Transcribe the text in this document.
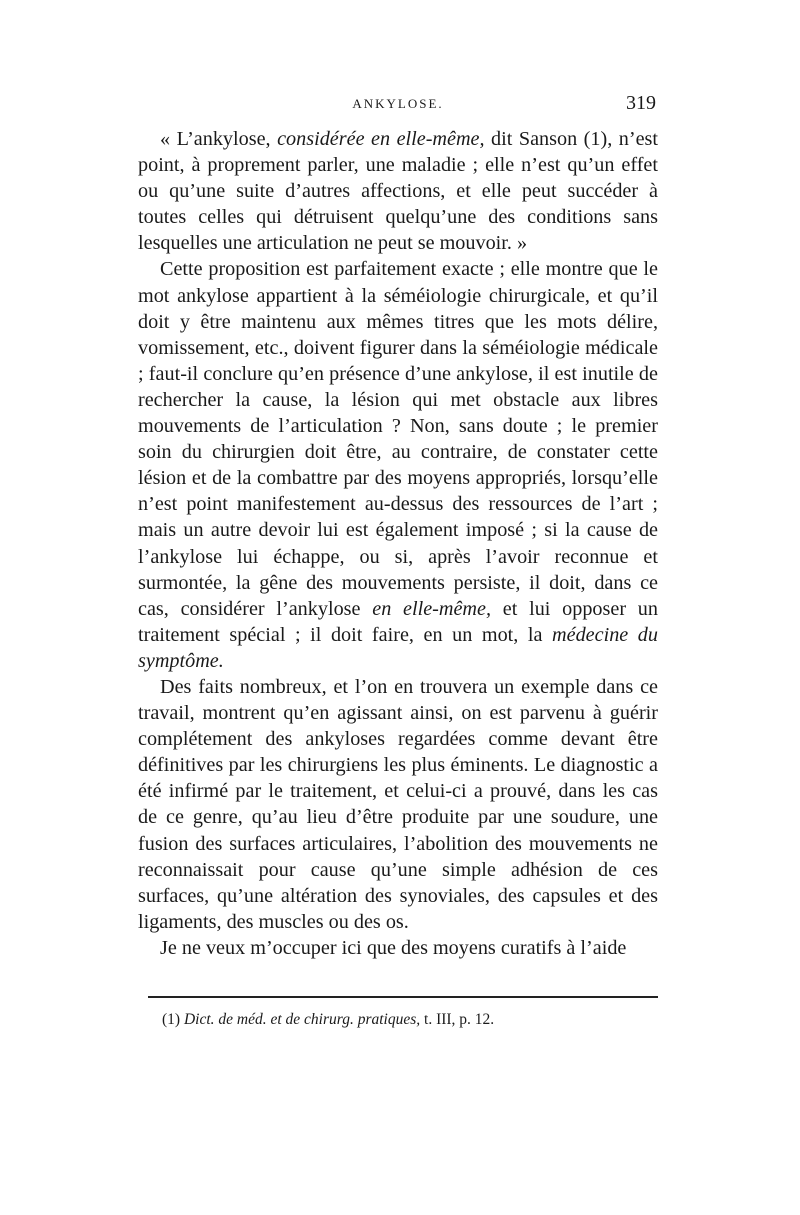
ANKYLOSE.	319

« L’ankylose, considérée en elle-même, dit Sanson (1), n’est point, à proprement parler, une maladie ; elle n’est qu’un effet ou qu’une suite d’autres affections, et elle peut succéder à toutes celles qui détruisent quelqu’une des conditions sans lesquelles une articulation ne peut se mouvoir. »

Cette proposition est parfaitement exacte ; elle montre que le mot ankylose appartient à la séméiologie chirurgicale, et qu’il doit y être maintenu aux mêmes titres que les mots délire, vomissement, etc., doivent figurer dans la séméiologie médicale ; faut-il conclure qu’en présence d’une ankylose, il est inutile de rechercher la cause, la lésion qui met obstacle aux libres mouvements de l’articulation ? Non, sans doute ; le premier soin du chirurgien doit être, au contraire, de constater cette lésion et de la combattre par des moyens appropriés, lorsqu’elle n’est point manifestement au-dessus des ressources de l’art ; mais un autre devoir lui est également imposé ; si la cause de l’ankylose lui échappe, ou si, après l’avoir reconnue et surmontée, la gêne des mouvements persiste, il doit, dans ce cas, considérer l’ankylose en elle-même, et lui opposer un traitement spécial ; il doit faire, en un mot, la médecine du symptôme.

Des faits nombreux, et l’on en trouvera un exemple dans ce travail, montrent qu’en agissant ainsi, on est parvenu à guérir complétement des ankyloses regardées comme devant être définitives par les chirurgiens les plus éminents. Le diagnostic a été infirmé par le traitement, et celui-ci a prouvé, dans les cas de ce genre, qu’au lieu d’être produite par une soudure, une fusion des surfaces articulaires, l’abolition des mouvements ne reconnaissait pour cause qu’une simple adhésion de ces surfaces, qu’une altération des synoviales, des capsules et des ligaments, des muscles ou des os.

Je ne veux m’occuper ici que des moyens curatifs à l’aide

(1) Dict. de méd. et de chirurg. pratiques, t. III, p. 12.
